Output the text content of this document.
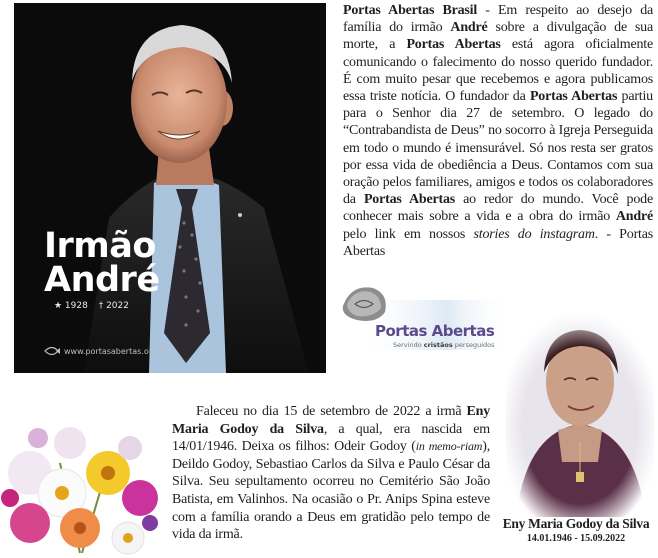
Irmão
André
★ 1928 † 2022
www.portasabertas.org.br
Portas Abertas Brasil - Em respeito ao desejo da família do irmão André sobre a divulgação de sua morte, a Portas Abertas está agora oficialmente comunicando o falecimento do nosso querido fundador. É com muito pesar que recebemos e agora publicamos essa triste notícia. O fundador da Portas Abertas partiu para o Senhor dia 27 de setembro. O legado do “Contrabandista de Deus” no socorro à Igreja Perseguida em todo o mundo é imensurável. Só nos resta ser gratos por essa vida de obediência a Deus. Contamos com sua oração pelos familiares, amigos e todos os colaboradores da Portas Abertas ao redor do mundo. Você pode conhecer mais sobre a vida e a obra do irmão André pelo link em nossos stories do instagram. - Portas Abertas
Portas Abertas
Servindo cristãos perseguidos
Faleceu no dia 15 de setembro de 2022 a irmã Eny Maria Godoy da Silva, a qual, era nascida em 14/01/1946. Deixa os filhos: Odeir Godoy (in memo-riam), Deildo Godoy, Sebastiao Carlos da Silva e Paulo César da Silva. Seu sepultamento ocorreu no Cemitério São João Batista, em Valinhos. Na ocasião o Pr. Anips Spina esteve com a família orando a Deus em gratidão pelo tempo de vida da irmã.
Eny Maria Godoy da Silva
14.01.1946 - 15.09.2022
